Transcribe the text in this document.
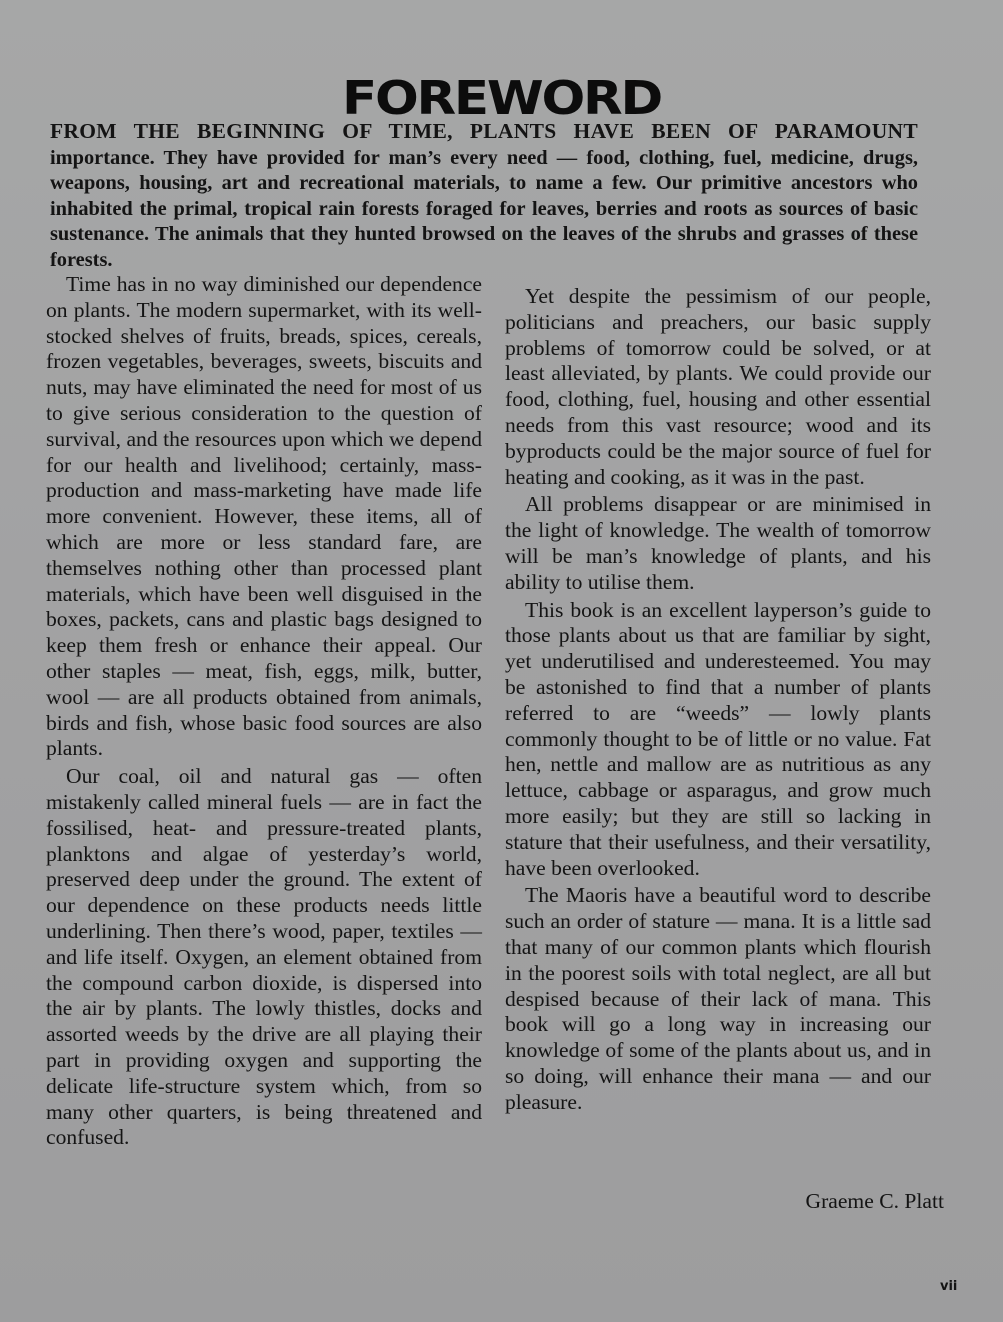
FOREWORD

FROM THE BEGINNING OF TIME, PLANTS HAVE BEEN OF PARAMOUNT importance. They have provided for man’s every need — food, clothing, fuel, medicine, drugs, weapons, housing, art and recreational materials, to name a few. Our primitive ancestors who inhabited the primal, tropical rain forests foraged for leaves, berries and roots as sources of basic sustenance. The animals that they hunted browsed on the leaves of the shrubs and grasses of these forests.

Time has in no way diminished our dependence on plants. The modern supermarket, with its well-stocked shelves of fruits, breads, spices, cereals, frozen vegetables, beverages, sweets, biscuits and nuts, may have eliminated the need for most of us to give serious consideration to the question of survival, and the resources upon which we depend for our health and livelihood; certainly, mass-production and mass-marketing have made life more convenient. However, these items, all of which are more or less standard fare, are themselves nothing other than processed plant materials, which have been well disguised in the boxes, packets, cans and plastic bags designed to keep them fresh or enhance their appeal. Our other staples — meat, fish, eggs, milk, butter, wool — are all products obtained from animals, birds and fish, whose basic food sources are also plants.

Our coal, oil and natural gas — often mistakenly called mineral fuels — are in fact the fossilised, heat- and pressure-treated plants, planktons and algae of yesterday’s world, preserved deep under the ground. The extent of our dependence on these products needs little underlining. Then there’s wood, paper, textiles — and life itself. Oxygen, an element obtained from the compound carbon dioxide, is dispersed into the air by plants. The lowly thistles, docks and assorted weeds by the drive are all playing their part in providing oxygen and supporting the delicate life-structure system which, from so many other quarters, is being threatened and confused.

Yet despite the pessimism of our people, politicians and preachers, our basic supply problems of tomorrow could be solved, or at least alleviated, by plants. We could provide our food, clothing, fuel, housing and other essential needs from this vast resource; wood and its byproducts could be the major source of fuel for heating and cooking, as it was in the past.

All problems disappear or are minimised in the light of knowledge. The wealth of tomorrow will be man’s knowledge of plants, and his ability to utilise them.

This book is an excellent layperson’s guide to those plants about us that are familiar by sight, yet underutilised and underesteemed. You may be astonished to find that a number of plants referred to are “weeds” — lowly plants commonly thought to be of little or no value. Fat hen, nettle and mallow are as nutritious as any lettuce, cabbage or asparagus, and grow much more easily; but they are still so lacking in stature that their usefulness, and their versatility, have been overlooked.

The Maoris have a beautiful word to describe such an order of stature — mana. It is a little sad that many of our common plants which flourish in the poorest soils with total neglect, are all but despised because of their lack of mana. This book will go a long way in increasing our knowledge of some of the plants about us, and in so doing, will enhance their mana — and our pleasure.

Graeme C. Platt

vii
